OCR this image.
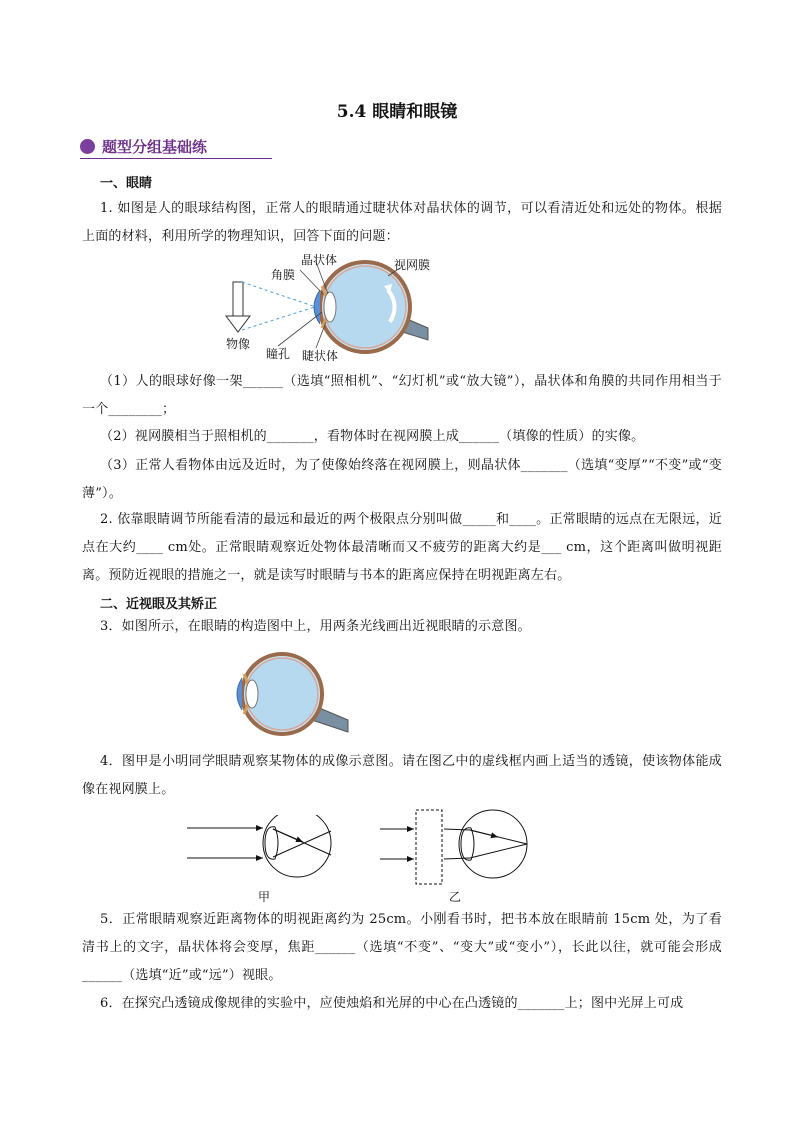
5.4 眼睛和眼镜
题型分组基础练
一、眼睛
1. 如图是人的眼球结构图，正常人的眼睛通过睫状体对晶状体的调节，可以看清近处和远处的物体。根据上面的材料，利用所学的物理知识，回答下面的问题：
晶状体
角膜
视网膜
物像
瞳孔 睫状体
（1）人的眼球好像一架______（选填“照相机”、“幻灯机”或“放大镜”），晶状体和角膜的共同作用相当于一个________；
（2）视网膜相当于照相机的_______，看物体时在视网膜上成______（填像的性质）的实像。
（3）正常人看物体由远及近时，为了使像始终落在视网膜上，则晶状体_______（选填“变厚”“不变”或“变薄”）。
2. 依靠眼睛调节所能看清的最远和最近的两个极限点分别叫做_____和____。正常眼睛的远点在无限远，近点在大约____ cm处。正常眼睛观察近处物体最清晰而又不疲劳的距离大约是___ cm，这个距离叫做明视距离。预防近视眼的措施之一，就是读写时眼睛与书本的距离应保持在明视距离左右。
二、近视眼及其矫正
3．如图所示，在眼睛的构造图中上，用两条光线画出近视眼睛的示意图。
4．图甲是小明同学眼睛观察某物体的成像示意图。请在图乙中的虚线框内画上适当的透镜，使该物体能成像在视网膜上。
甲	乙
5．正常眼睛观察近距离物体的明视距离约为 25cm。小刚看书时，把书本放在眼睛前 15cm 处，为了看清书上的文字，晶状体将会变厚，焦距______（选填“不变”、“变大”或“变小”），长此以往，就可能会形成______（选填“近”或“远”）视眼。
6．在探究凸透镜成像规律的实验中，应使烛焰和光屏的中心在凸透镜的_______上；图中光屏上可成
